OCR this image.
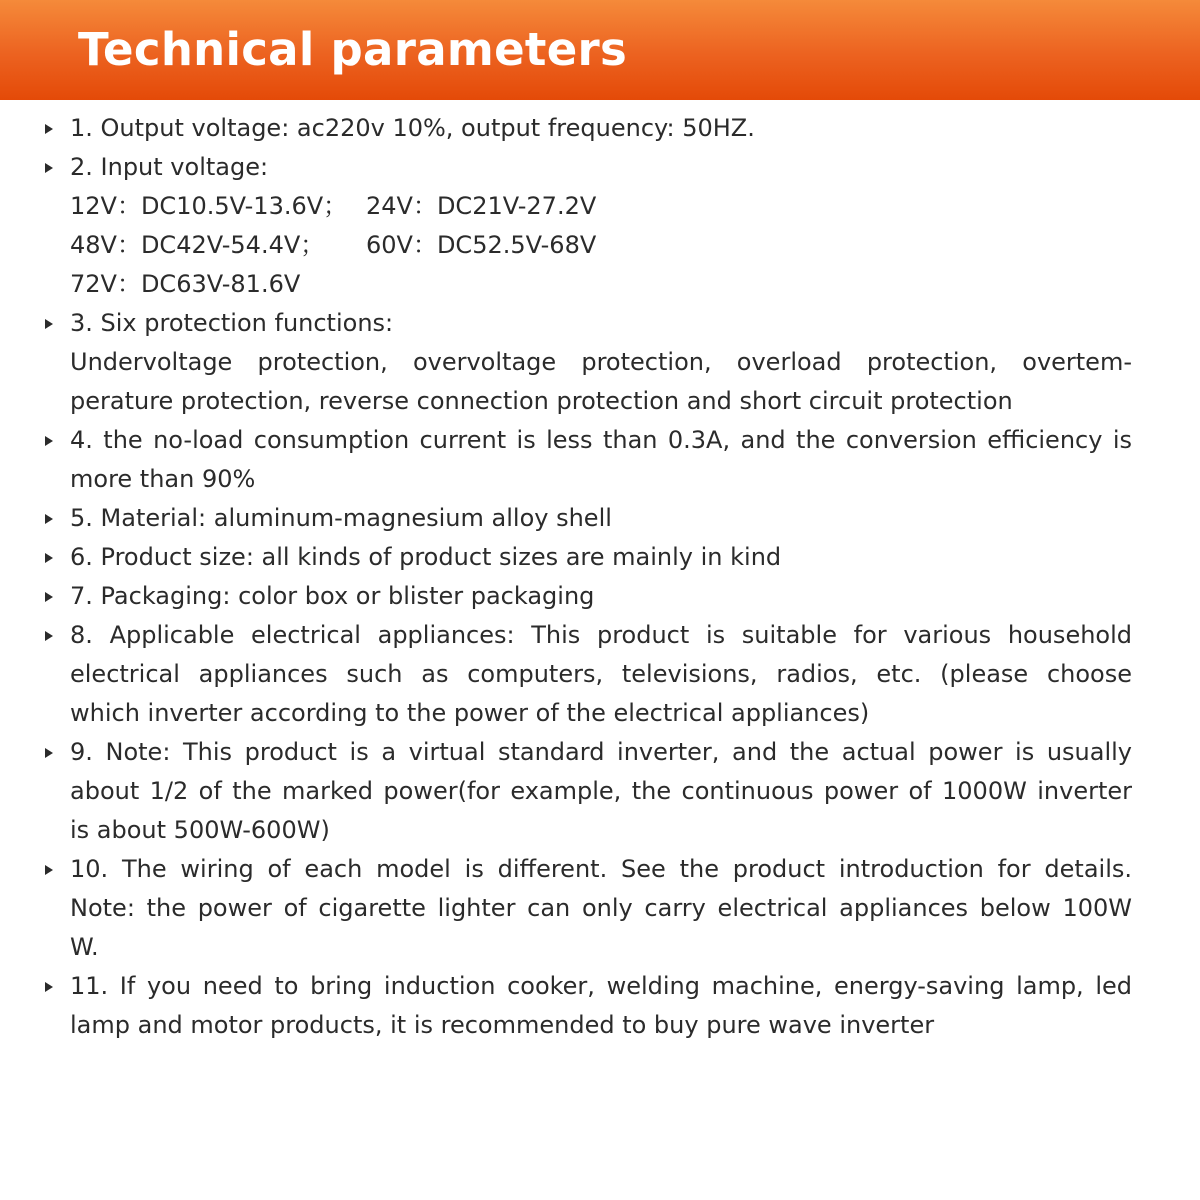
Technical parameters
1. Output voltage: ac220v 10%, output frequency: 50HZ.
2. Input voltage:
12V：DC10.5V-13.6V； 24V：DC21V-27.2V
48V：DC42V-54.4V； 60V：DC52.5V-68V
72V：DC63V-81.6V
3. Six protection functions:
Undervoltage protection, overvoltage protection, overload protection, overtem-
perature protection, reverse connection protection and short circuit protection
4. the no-load consumption current is less than 0.3A, and the conversion efficiency is
more than 90%
5. Material: aluminum-magnesium alloy shell
6. Product size: all kinds of product sizes are mainly in kind
7. Packaging: color box or blister packaging
8. Applicable electrical appliances: This product is suitable for various household
electrical appliances such as computers, televisions, radios, etc. (please choose
which inverter according to the power of the electrical appliances)
9. Note: This product is a virtual standard inverter, and the actual power is usually
about 1/2 of the marked power(for example, the continuous power of 1000W inverter
is about 500W-600W)
10. The wiring of each model is different. See the product introduction for details.
Note: the power of cigarette lighter can only carry electrical appliances below 100W
W.
11. If you need to bring induction cooker, welding machine, energy-saving lamp, led
lamp and motor products, it is recommended to buy pure wave inverter
